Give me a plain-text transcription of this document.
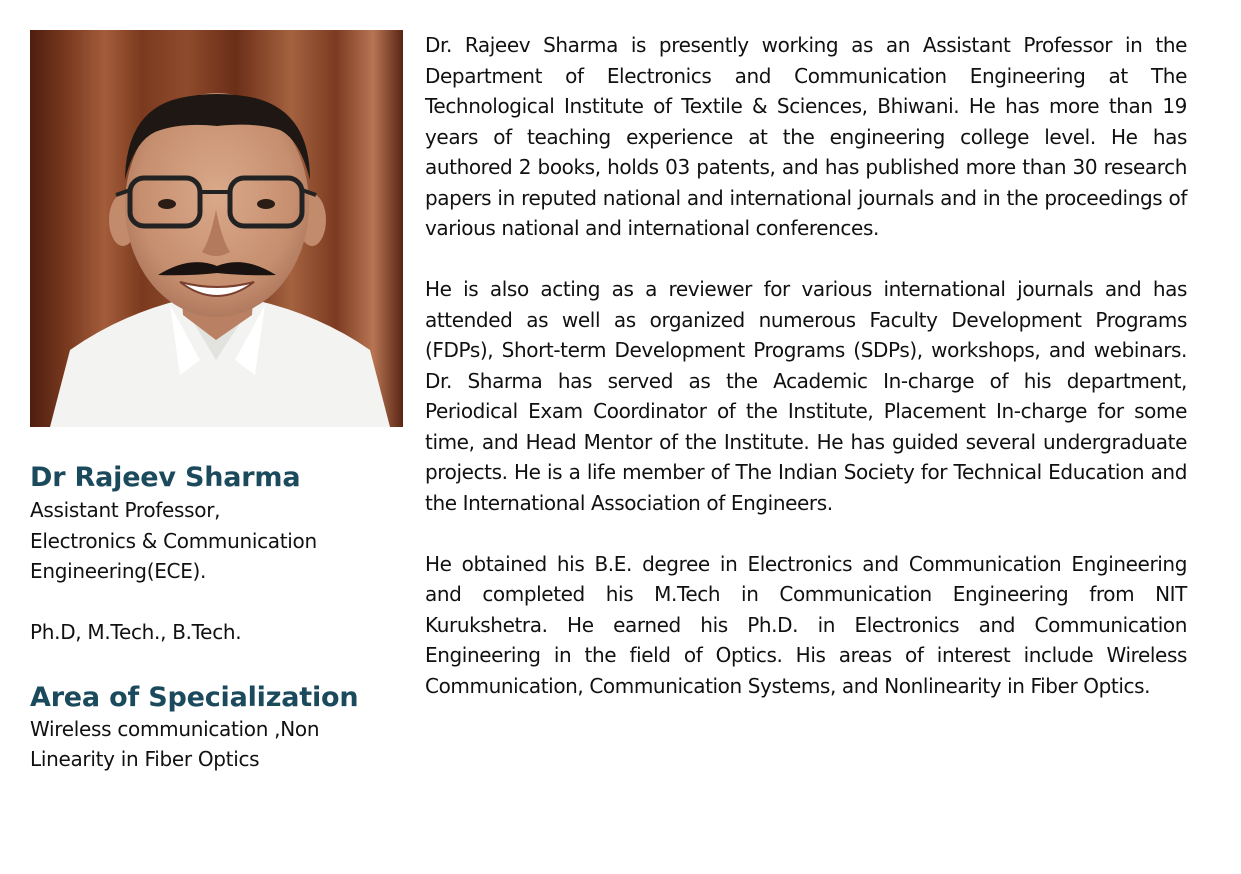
Dr Rajeev Sharma
Assistant Professor,
Electronics & Communication
Engineering(ECE).
Ph.D, M.Tech., B.Tech.
Area of Specialization
Wireless communication ,Non
Linearity in Fiber Optics

Dr. Rajeev Sharma is presently working as an Assistant Professor in the Department of Electronics and Communication Engineering at The Technological Institute of Textile & Sciences, Bhiwani. He has more than 19 years of teaching experience at the engineering college level. He has authored 2 books, holds 03 patents, and has published more than 30 research papers in reputed national and international journals and in the proceedings of various national and international conferences.

He is also acting as a reviewer for various international journals and has attended as well as organized numerous Faculty Development Programs (FDPs), Short-term Development Programs (SDPs), workshops, and webinars. Dr. Sharma has served as the Academic In-charge of his department, Periodical Exam Coordinator of the Institute, Placement In-charge for some time, and Head Mentor of the Institute. He has guided several undergraduate projects. He is a life member of The Indian Society for Technical Education and the International Association of Engineers.

He obtained his B.E. degree in Electronics and Communication Engineering and completed his M.Tech in Communication Engineering from NIT Kurukshetra. He earned his Ph.D. in Electronics and Communication Engineering in the field of Optics. His areas of interest include Wireless Communication, Communication Systems, and Nonlinearity in Fiber Optics.
